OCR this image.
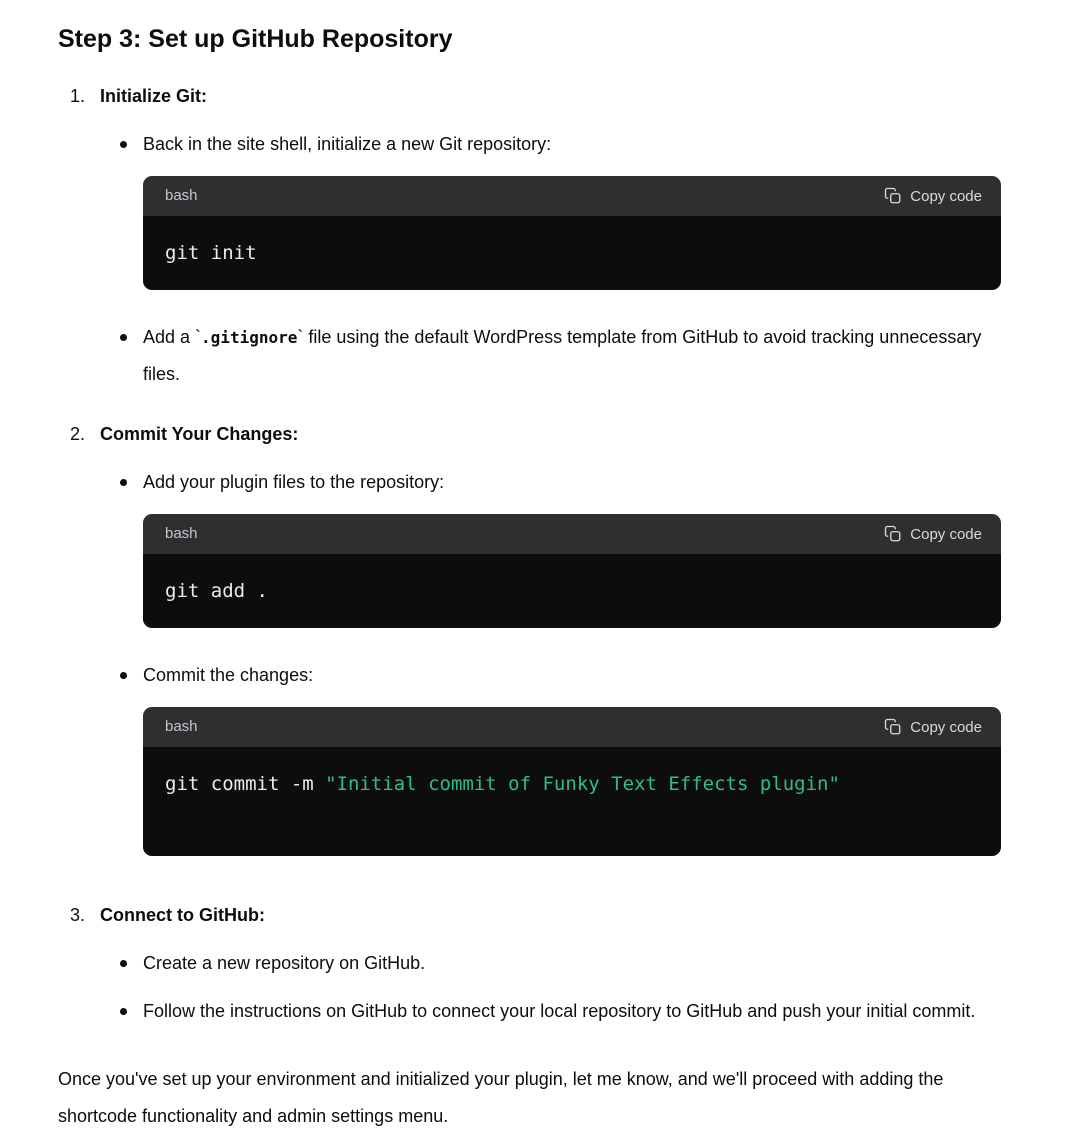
Step 3: Set up GitHub Repository
1. Initialize Git:
Back in the site shell, initialize a new Git repository:
bash	Copy code
git init
Add a `.gitignore` file using the default WordPress template from GitHub to avoid tracking unnecessary files.
2. Commit Your Changes:
Add your plugin files to the repository:
bash	Copy code
git add .
Commit the changes:
bash	Copy code
git commit -m "Initial commit of Funky Text Effects plugin"
3. Connect to GitHub:
Create a new repository on GitHub.
Follow the instructions on GitHub to connect your local repository to GitHub and push your initial commit.

Once you've set up your environment and initialized your plugin, let me know, and we'll proceed with adding the shortcode functionality and admin settings menu.
